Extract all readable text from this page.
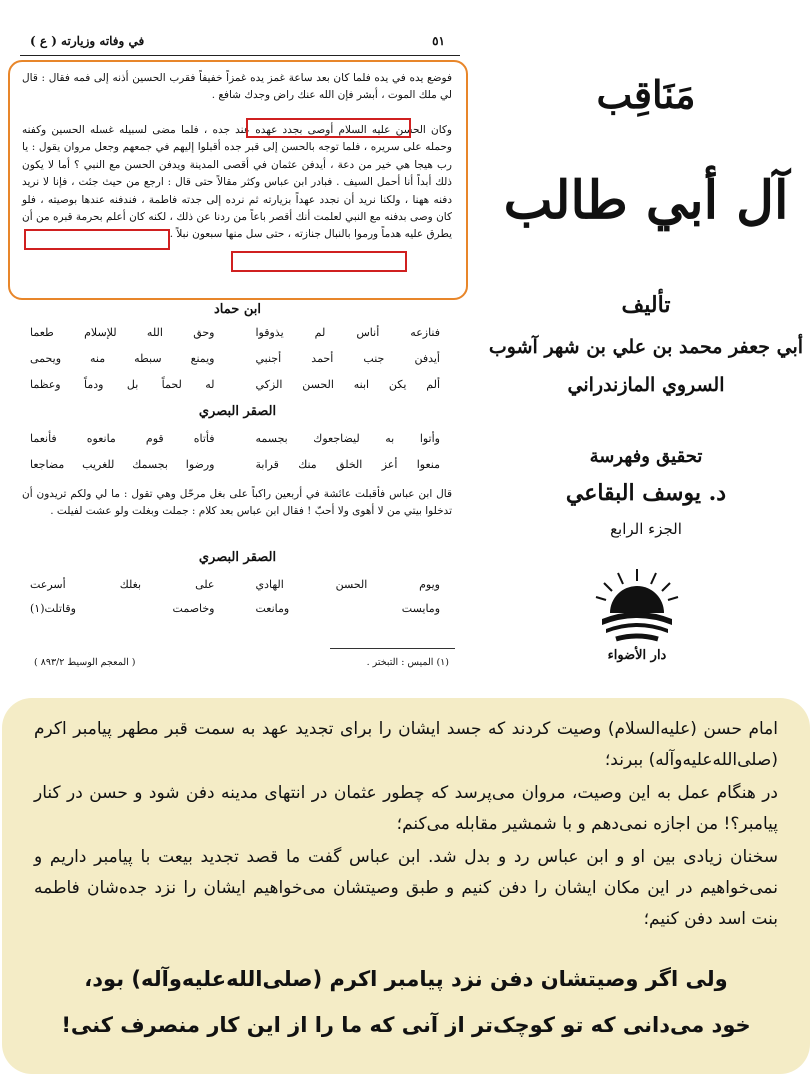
٥١
في وفاته وزيارته ( ع )

فوضع يده في يده فلما كان بعد ساعة غمز يده غمزاً خفيفاً فقرب الحسين أذنه إلى فمه فقال : قال لي ملك الموت ، أبشر فإن الله عنك راض وجدك شافع .

وكان الحسن عليه السلام أوصى بجدد عهده عند جده ، فلما مضى لسبيله غسله الحسين وكفنه وحمله على سريره ، فلما توجه بالحسن إلى قبر جده أقبلوا إليهم في جمعهم وجعل مروان يقول : يا رب هيجا هي خير من دعة ، أيدفن عثمان في أقصى المدينة ويدفن الحسن مع النبي ؟ أما لا يكون ذلك أبداً أنا أحمل السيف . فبادر ابن عباس وكثر مقالاً حتى قال : ارجع من حيث جئت ، فإنا لا نريد دفنه ههنا ، ولكنا نريد أن نجدد عهداً بزيارته ثم نرده إلى جدته فاطمة ، فندفنه عندها بوصيته ، فلو كان وصى بدفنه مع النبي لعلمت أنك أقصر باعاً من ردنا عن ذلك ، لكنه كان أعلم بحرمة قبره من أن يطرق عليه هدماً ورموا بالنبال جنازته ، حتى سل منها سبعون نبلاً .

ابن حماد
فنازعه أناس لم يذوقوا
وحق الله للإسلام طعما
أيدفن جنب أحمد أجنبي
ويمنع سبطه منه ويحمى
ألم يكن ابنه الحسن الزكي
له لحماً بل ودماً وعظما
الصقر البصري
وأتوا به ليضاجعوك بجسمه
فأتاه قوم مانعوه فأنعما
منعوا أعز الخلق منك قرابة
ورضوا بجسمك للغريب مضاجعا

قال ابن عباس فأقبلت عائشة في أربعين راكباً على بغل مرحّل وهي تقول : ما لي ولكم تريدون أن تدخلوا بيتي من لا أهوى ولا أحبّ ! فقال ابن عباس بعد كلام : جملت وبغلت ولو عشت لفيلت .

الصقر البصري
ويوم الحسن الهادي
على بغلك أسرعت
ومايست ومانعت
وخاصمت وقاتلت(١)
(١) الميس : التبختر .
( المعجم الوسيط ٨٩٣/٢ )
مَنَاقِب
آل أبي طالب
تأليف
أبي جعفر محمد بن علي بن شهر آشوب
السروي المازندراني
تحقيق وفهرسة
د. يوسف البقاعي
الجزء الرابع
دار الأضواء
امام حسن (علیه‌السلام) وصیت کردند که جسد ایشان را برای تجدید عهد به سمت قبر مطهر پیامبر اکرم (صلی‌الله‌علیه‌وآله) ببرند؛
در هنگام عمل به این وصیت، مروان می‌پرسد که چطور عثمان در انتهای مدینه دفن شود و حسن در کنار پیامبر؟! من اجازه نمی‌دهم و با شمشیر مقابله می‌کنم؛
سخنان زیادی بین او و ابن عباس رد و بدل شد. ابن عباس گفت ما قصد تجدید بیعت با پیامبر داریم و نمی‌خواهیم در این مکان ایشان را دفن کنیم و طبق وصیتشان می‌خواهیم ایشان را نزد جده‌شان فاطمه بنت اسد دفن کنیم؛
ولی اگر وصیتشان دفن نزد پیامبر اکرم (صلی‌الله‌علیه‌وآله) بود،
خود می‌دانی که تو کوچک‌تر از آنی که ما را از این کار منصرف کنی!
